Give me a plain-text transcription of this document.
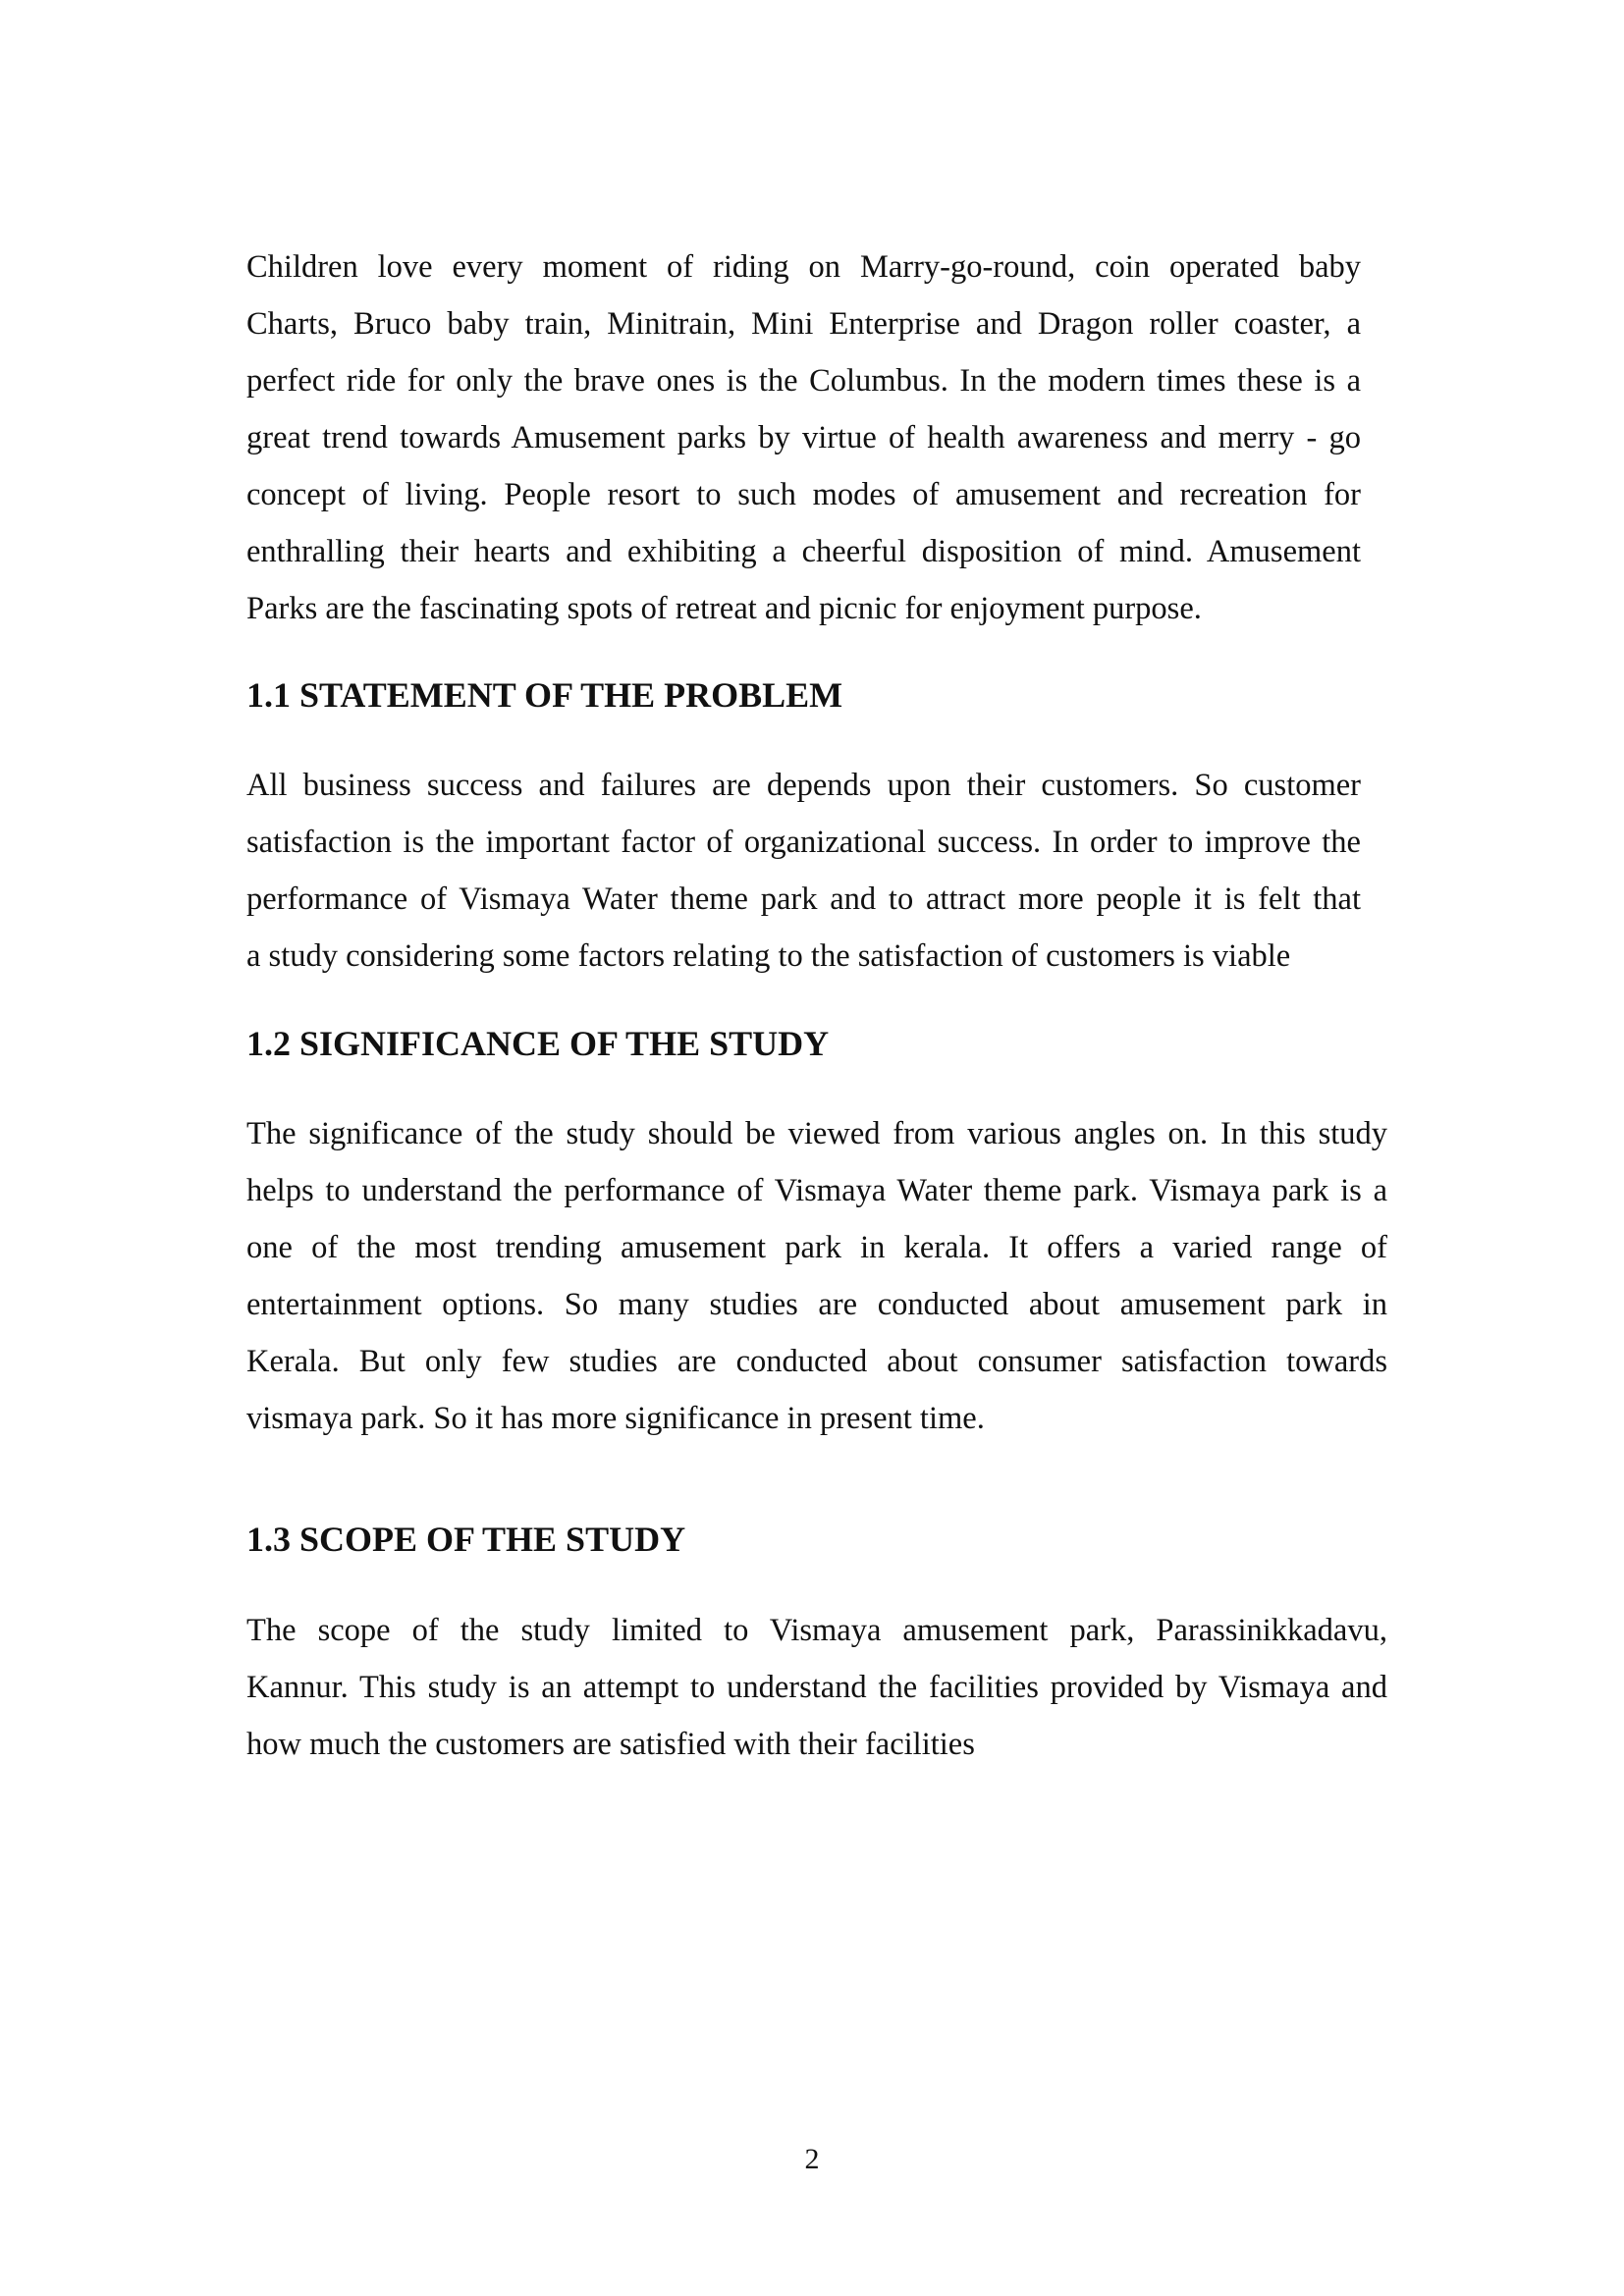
Children love every moment of riding on Marry-go-round, coin operated baby
Charts, Bruco baby train, Minitrain, Mini Enterprise and Dragon roller coaster, a
perfect ride for only the brave ones is the Columbus. In the modern times these is a
great trend towards Amusement parks by virtue of health awareness and merry - go
concept of living. People resort to such modes of amusement and recreation for
enthralling their hearts and exhibiting a cheerful disposition of mind. Amusement
Parks are the fascinating spots of retreat and picnic for enjoyment purpose.

1.1 STATEMENT OF THE PROBLEM

All business success and failures are depends upon their customers. So customer
satisfaction is the important factor of organizational success. In order to improve the
performance of Vismaya Water theme park and to attract more people it is felt that
a study considering some factors relating to the satisfaction of customers is viable

1.2 SIGNIFICANCE OF THE STUDY

The significance of the study should be viewed from various angles on. In this study
helps to understand the performance of Vismaya Water theme park. Vismaya park is a
one of the most trending amusement park in kerala. It offers a varied range of
entertainment options. So many studies are conducted about amusement park in
Kerala. But only few studies are conducted about consumer satisfaction towards
vismaya park. So it has more significance in present time.

1.3 SCOPE OF THE STUDY

The scope of the study limited to Vismaya amusement park, Parassinikkadavu,
Kannur. This study is an attempt to understand the facilities provided by Vismaya and
how much the customers are satisfied with their facilities

2
